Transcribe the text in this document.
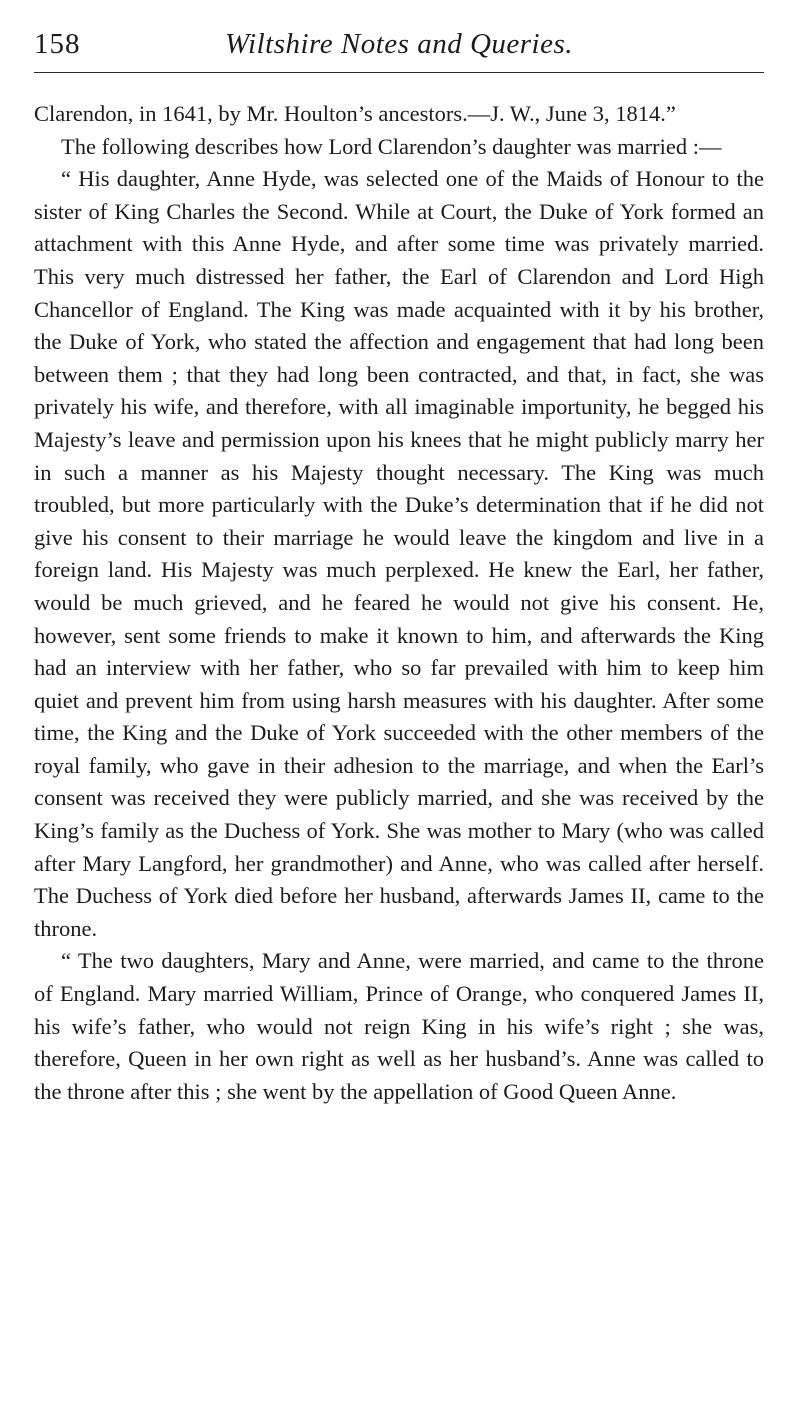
158	Wiltshire Notes and Queries.

Clarendon, in 1641, by Mr. Houlton’s ancestors.—J. W., June 3, 1814.”

The following describes how Lord Clarendon’s daughter was married :—

“ His daughter, Anne Hyde, was selected one of the Maids of Honour to the sister of King Charles the Second. While at Court, the Duke of York formed an attachment with this Anne Hyde, and after some time was privately married. This very much distressed her father, the Earl of Clarendon and Lord High Chancellor of England. The King was made acquainted with it by his brother, the Duke of York, who stated the affection and engagement that had long been between them ; that they had long been contracted, and that, in fact, she was privately his wife, and therefore, with all imaginable importunity, he begged his Majesty’s leave and permission upon his knees that he might publicly marry her in such a manner as his Majesty thought necessary. The King was much troubled, but more particularly with the Duke’s determination that if he did not give his consent to their marriage he would leave the kingdom and live in a foreign land. His Majesty was much perplexed. He knew the Earl, her father, would be much grieved, and he feared he would not give his consent. He, however, sent some friends to make it known to him, and afterwards the King had an interview with her father, who so far prevailed with him to keep him quiet and prevent him from using harsh measures with his daughter. After some time, the King and the Duke of York succeeded with the other members of the royal family, who gave in their adhesion to the marriage, and when the Earl’s consent was received they were publicly married, and she was received by the King’s family as the Duchess of York. She was mother to Mary (who was called after Mary Langford, her grandmother) and Anne, who was called after herself. The Duchess of York died before her husband, afterwards James II, came to the throne.

“ The two daughters, Mary and Anne, were married, and came to the throne of England. Mary married William, Prince of Orange, who conquered James II, his wife’s father, who would not reign King in his wife’s right ; she was, therefore, Queen in her own right as well as her husband’s. Anne was called to the throne after this ; she went by the appellation of Good Queen Anne.
